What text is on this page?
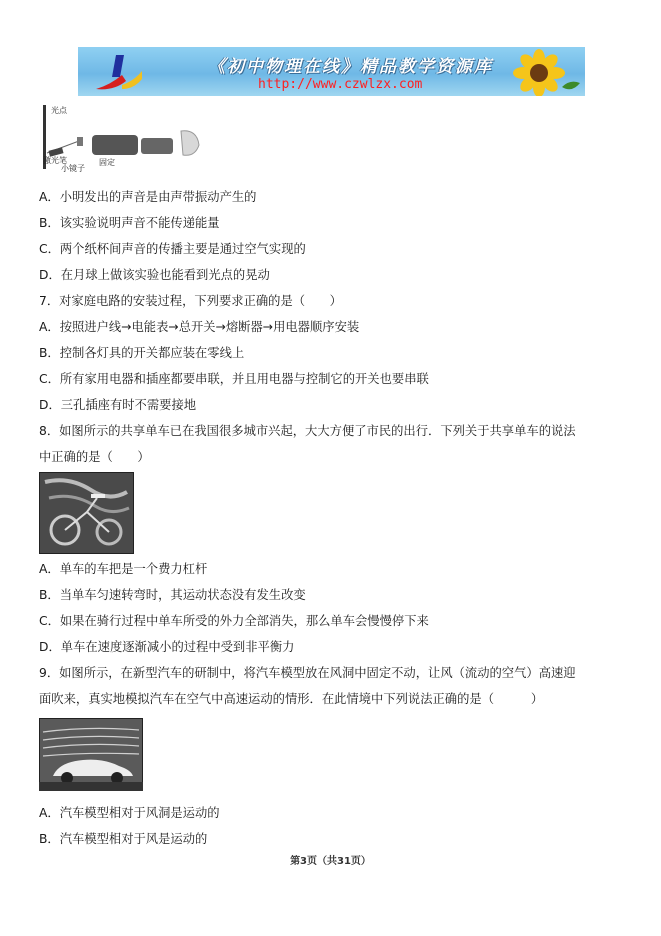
《初中物理在线》精品教学资源库
http://www.czwlzx.com
光点
激光笔
小镜子
固定
A．小明发出的声音是由声带振动产生的
B．该实验说明声音不能传递能量
C．两个纸杯间声音的传播主要是通过空气实现的
D．在月球上做该实验也能看到光点的晃动
7．对家庭电路的安装过程，下列要求正确的是（　　）
A．按照进户线→电能表→总开关→熔断器→用电器顺序安装
B．控制各灯具的开关都应装在零线上
C．所有家用电器和插座都要串联，并且用电器与控制它的开关也要串联
D．三孔插座有时不需要接地
8．如图所示的共享单车已在我国很多城市兴起，大大方便了市民的出行．下列关于共享单车的说法
中正确的是（　　）
A．单车的车把是一个费力杠杆
B．当单车匀速转弯时，其运动状态没有发生改变
C．如果在骑行过程中单车所受的外力全部消失，那么单车会慢慢停下来
D．单车在速度逐渐减小的过程中受到非平衡力
9．如图所示，在新型汽车的研制中，将汽车模型放在风洞中固定不动，让风（流动的空气）高速迎
面吹来，真实地模拟汽车在空气中高速运动的情形．在此情境中下列说法正确的是（　　　）
A．汽车模型相对于风洞是运动的
B．汽车模型相对于风是运动的
第3页（共31页）
